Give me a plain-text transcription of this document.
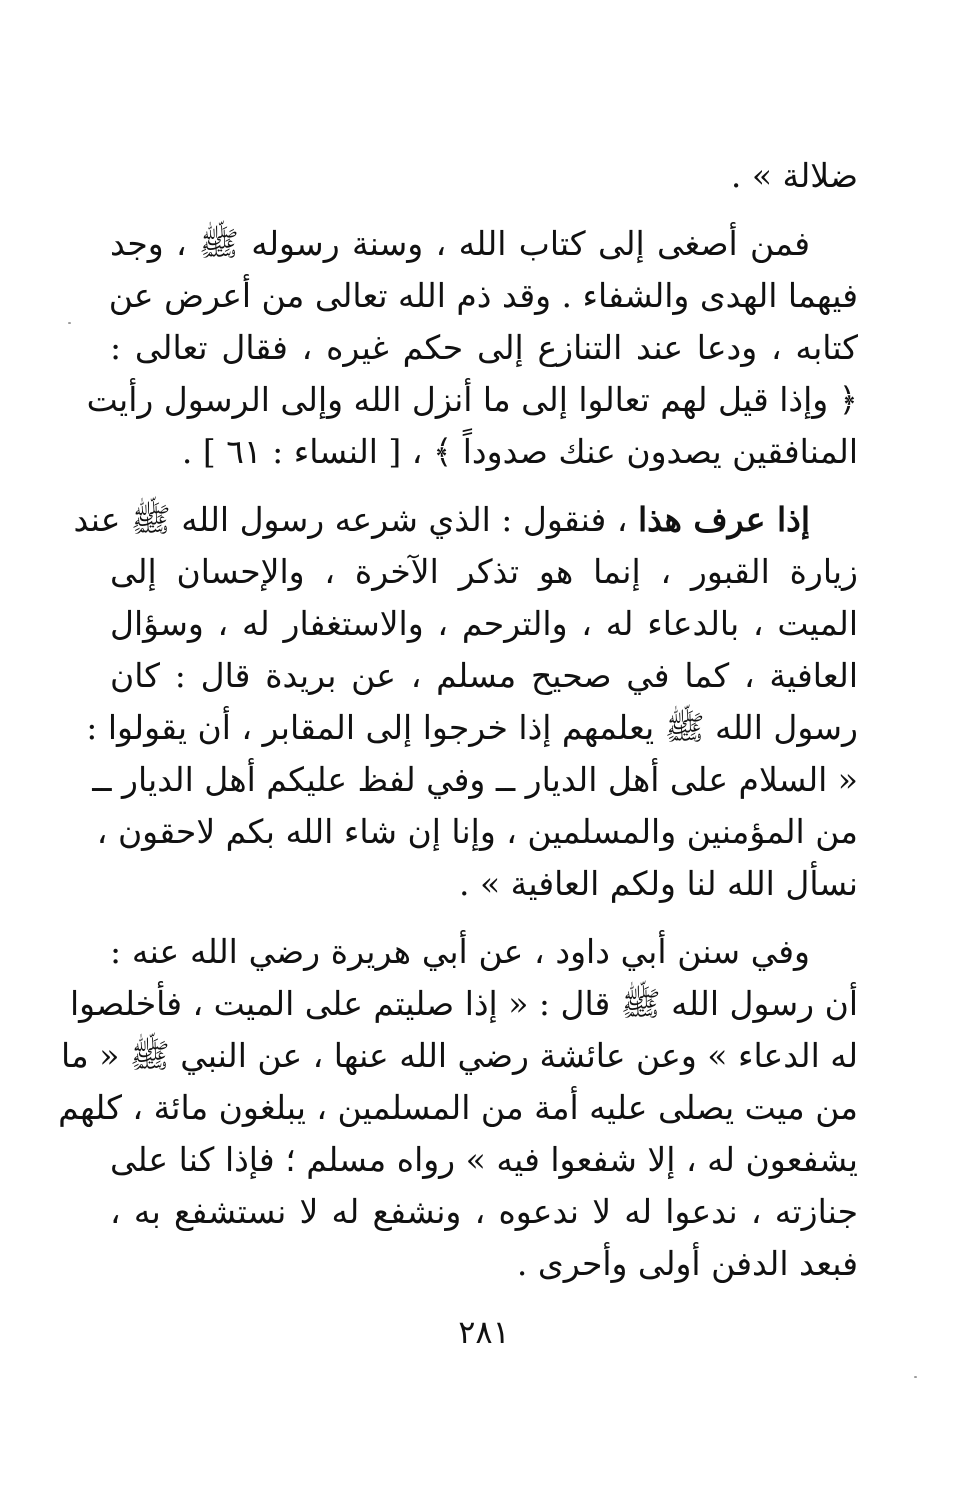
ضلالة » .
فمن أصغى إلى كتاب الله ، وسنة رسوله ﷺ ، وجد
فيهما الهدى والشفاء . وقد ذم الله تعالى من أعرض عن
كتابه ، ودعا عند التنازع إلى حكم غيره ، فقال تعالى :
﴿ وإذا قيل لهم تعالوا إلى ما أنزل الله وإلى الرسول رأيت
المنافقين يصدون عنك صدوداً ﴾ ، [ النساء : ٦١ ] .
إذا عرف هذا ، فنقول : الذي شرعه رسول الله ﷺ عند
زيارة القبور ، إنما هو تذكر الآخرة ، والإحسان إلى
الميت ، بالدعاء له ، والترحم ، والاستغفار له ، وسؤال
العافية ، كما في صحيح مسلم ، عن بريدة قال : كان
رسول الله ﷺ يعلمهم إذا خرجوا إلى المقابر ، أن يقولوا :
« السلام على أهل الديار ــ وفي لفظ عليكم أهل الديار ــ
من المؤمنين والمسلمين ، وإنا إن شاء الله بكم لاحقون ،
نسأل الله لنا ولكم العافية » .
وفي سنن أبي داود ، عن أبي هريرة رضي الله عنه :
أن رسول الله ﷺ قال : « إذا صليتم على الميت ، فأخلصوا
له الدعاء » وعن عائشة رضي الله عنها ، عن النبي ﷺ « ما
من ميت يصلى عليه أمة من المسلمين ، يبلغون مائة ، كلهم
يشفعون له ، إلا شفعوا فيه » رواه مسلم ؛ فإذا كنا على
جنازته ، ندعوا له لا ندعوه ، ونشفع له لا نستشفع به ،
فبعد الدفن أولى وأحرى .
٢٨١
